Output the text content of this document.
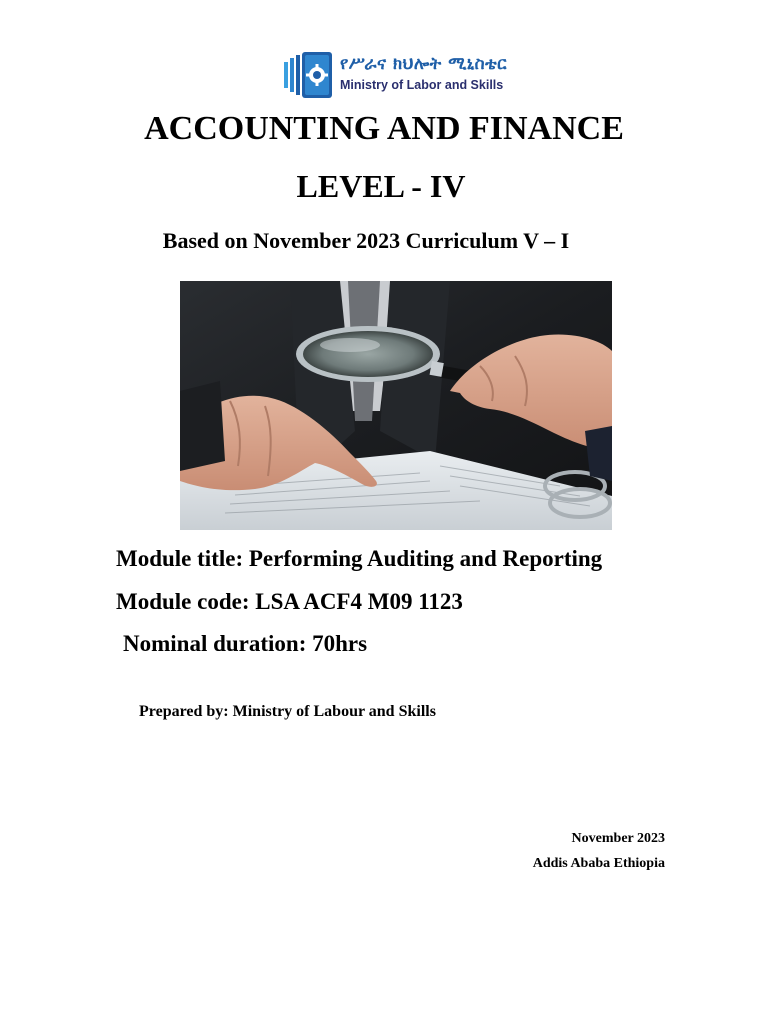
የሥራና ክህሎት ሚኒስቴር
Ministry of Labor and Skills
ACCOUNTING AND FINANCE
LEVEL - IV
Based on November 2023 Curriculum V – I
Module title: Performing Auditing and Reporting
Module code: LSA ACF4 M09 1123
Nominal duration: 70hrs
Prepared by: Ministry of Labour and Skills
November 2023
Addis Ababa Ethiopia
